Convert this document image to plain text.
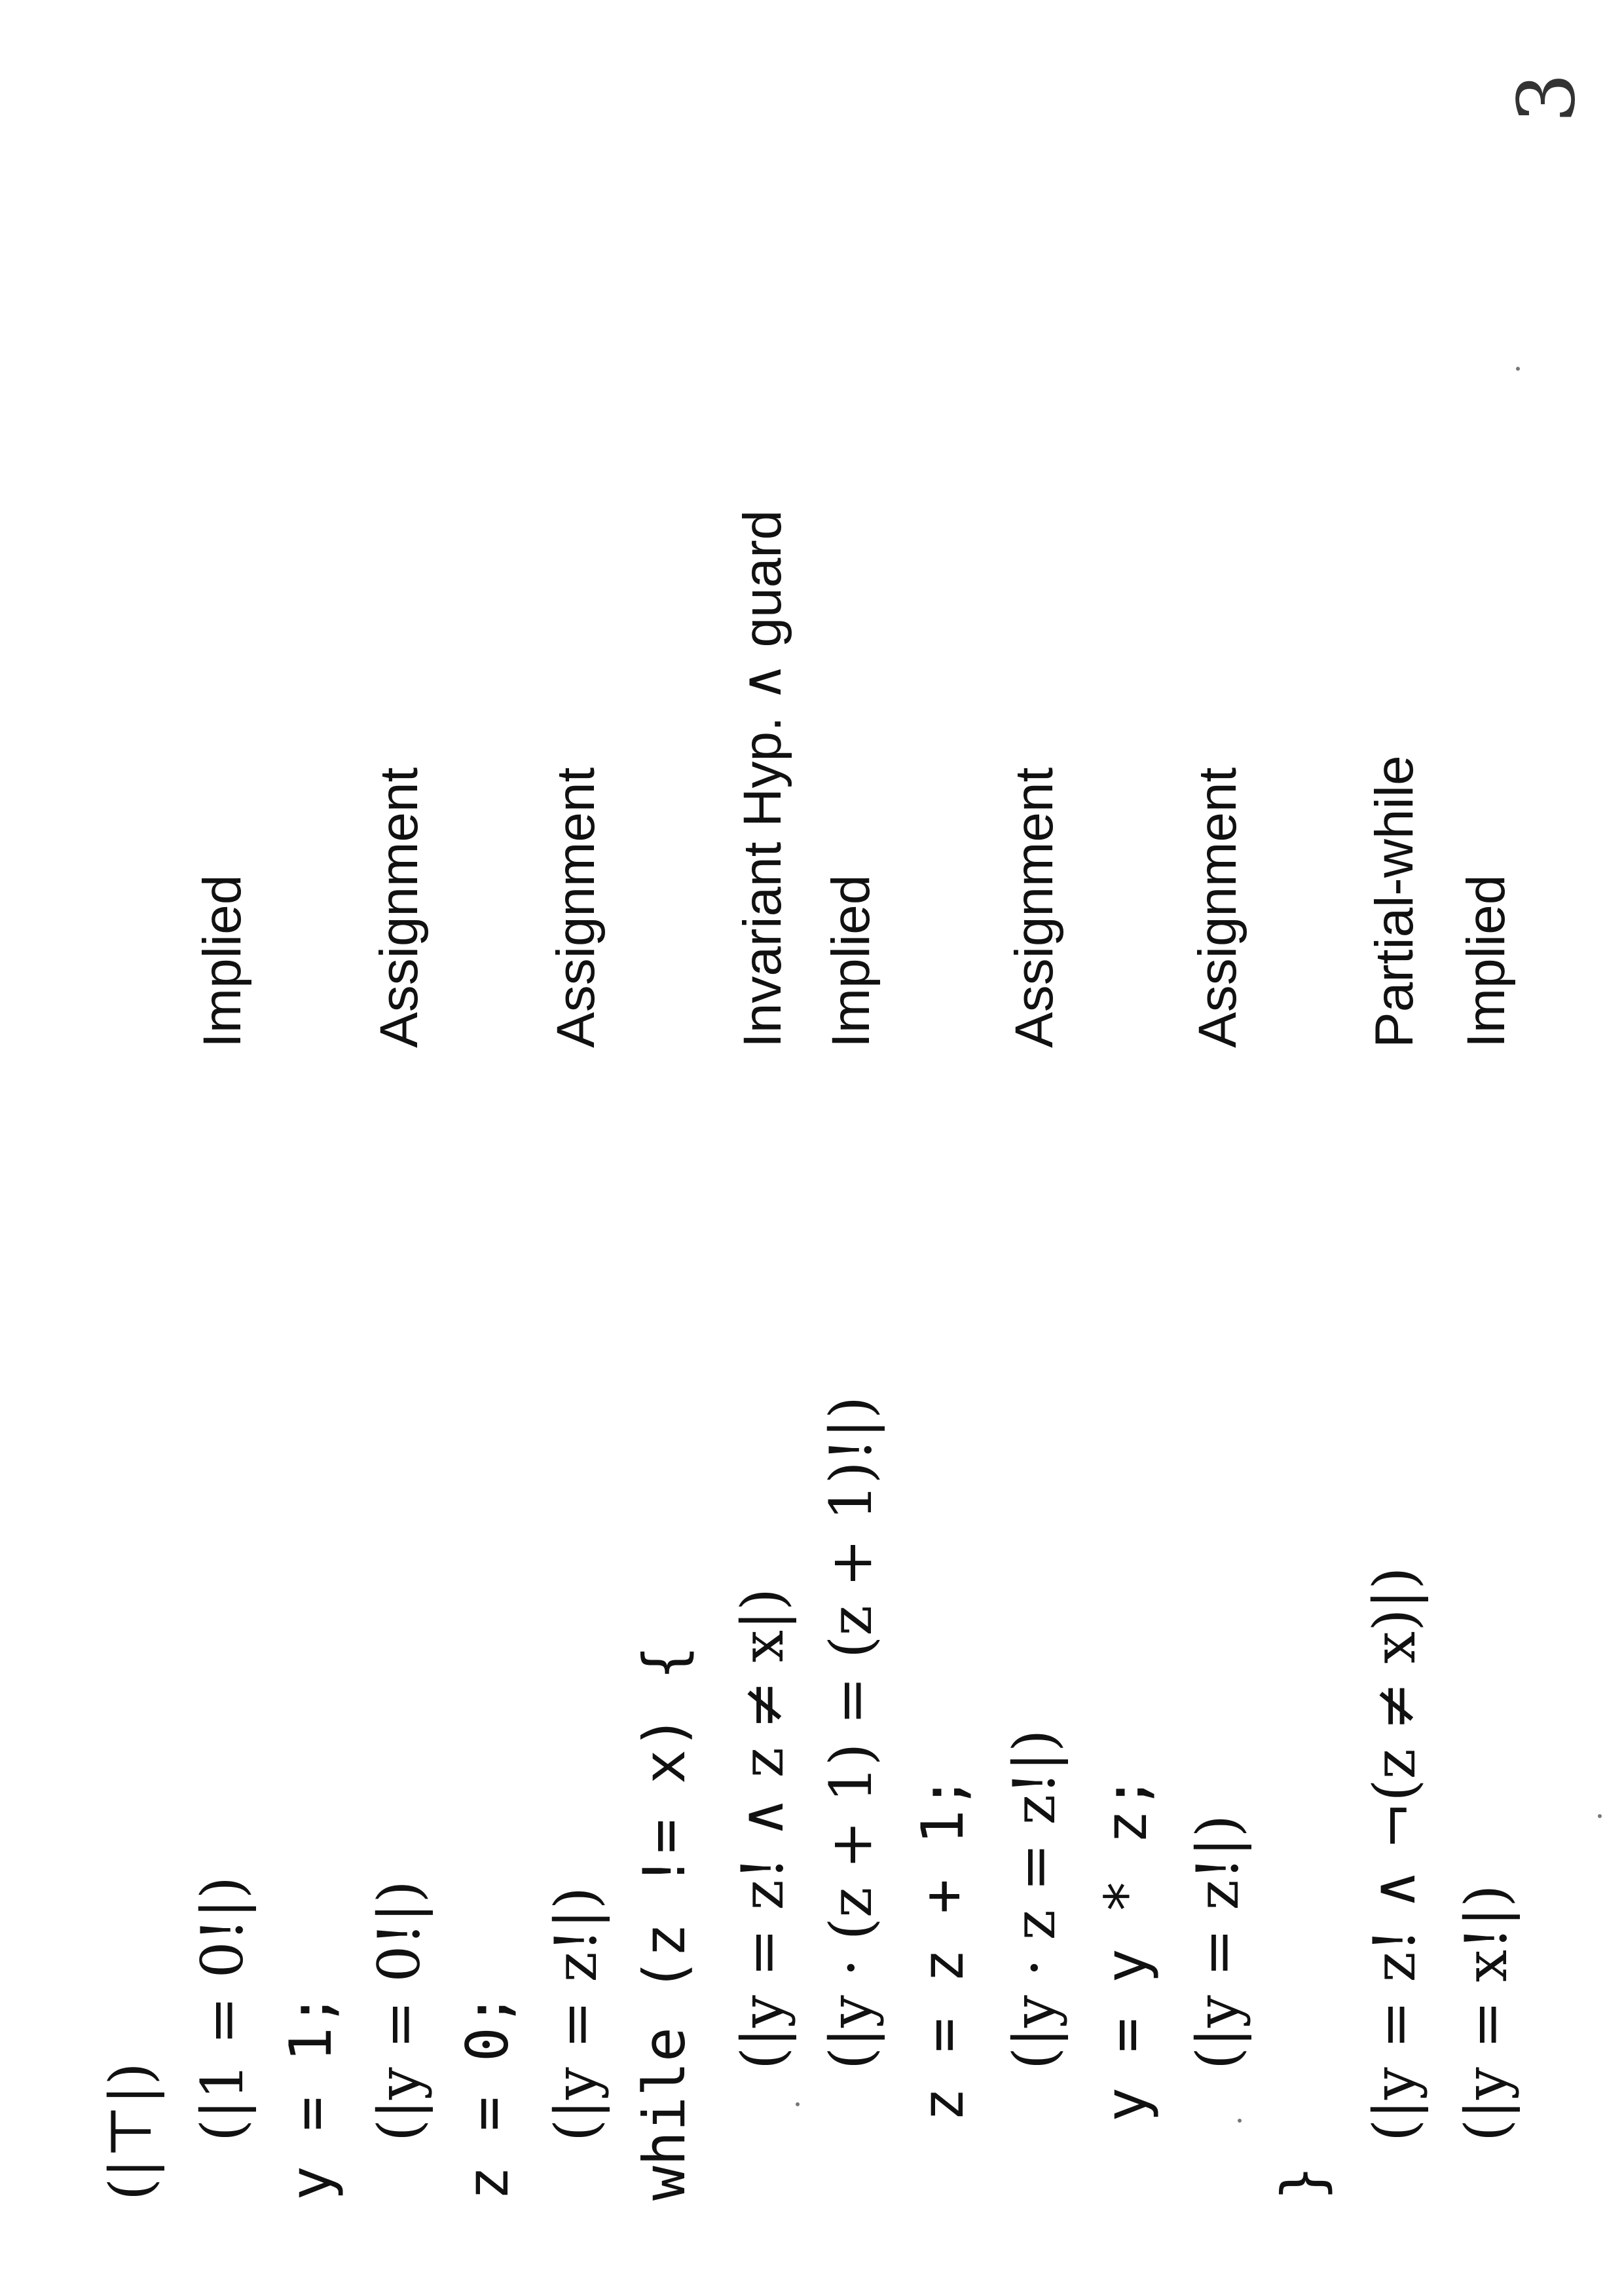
3
(|⊤|) (|1 = 0!|)
Implied
y = 1; (|y = 0!|)
Assignment
z = 0; (|y = z!|)
Assignment
while (z != x) { (|y = z! ∧ z ≠ x|)
Invariant Hyp. ∧ guard
(|y · (z + 1) = (z + 1)!|)
Implied
z = z + 1; (|y · z = z!|)
Assignment
y = y * z; (|y = z!|)
Assignment
}
(|y = z! ∧ ¬(z ≠ x)|)
Partial-while
(|y = x!|)
Implied
